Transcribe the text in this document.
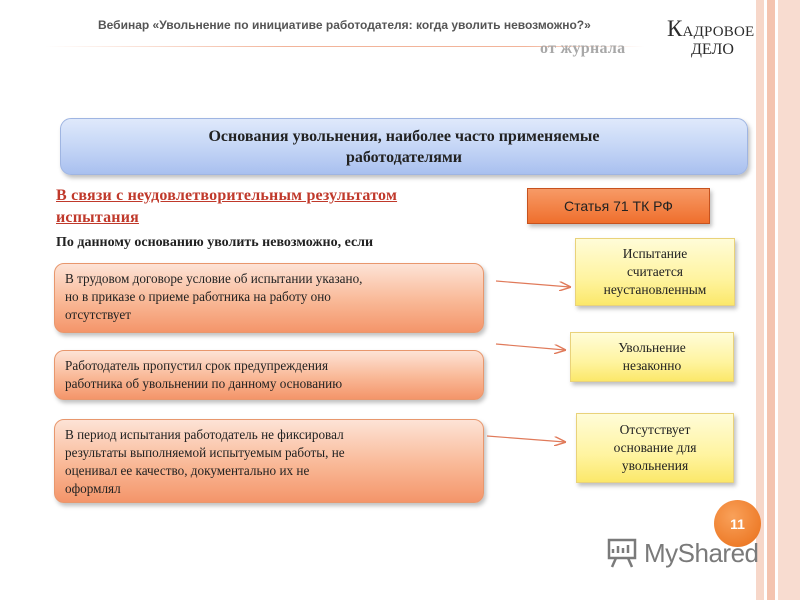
Вебинар «Увольнение по инициативе работодателя: когда уволить невозможно?»
от журнала
КАДРОВОЕ
ДЕЛО
Основания увольнения, наиболее часто применяемые
работодателями
В связи с неудовлетворительным результатом
испытания
Статья 71 ТК РФ
По данному основанию уволить невозможно, если
В трудовом договоре условие об испытании указано,
но в приказе о приеме работника на работу оно
отсутствует
Работодатель пропустил срок предупреждения
работника об увольнении по данному основанию
В период испытания работодатель не фиксировал
результаты выполняемой испытуемым работы, не
оценивал ее качество, документально их не
оформлял
Испытание
считается
неустановленным
Увольнение
незаконно
Отсутствует
основание для
увольнения
11
MyShared
